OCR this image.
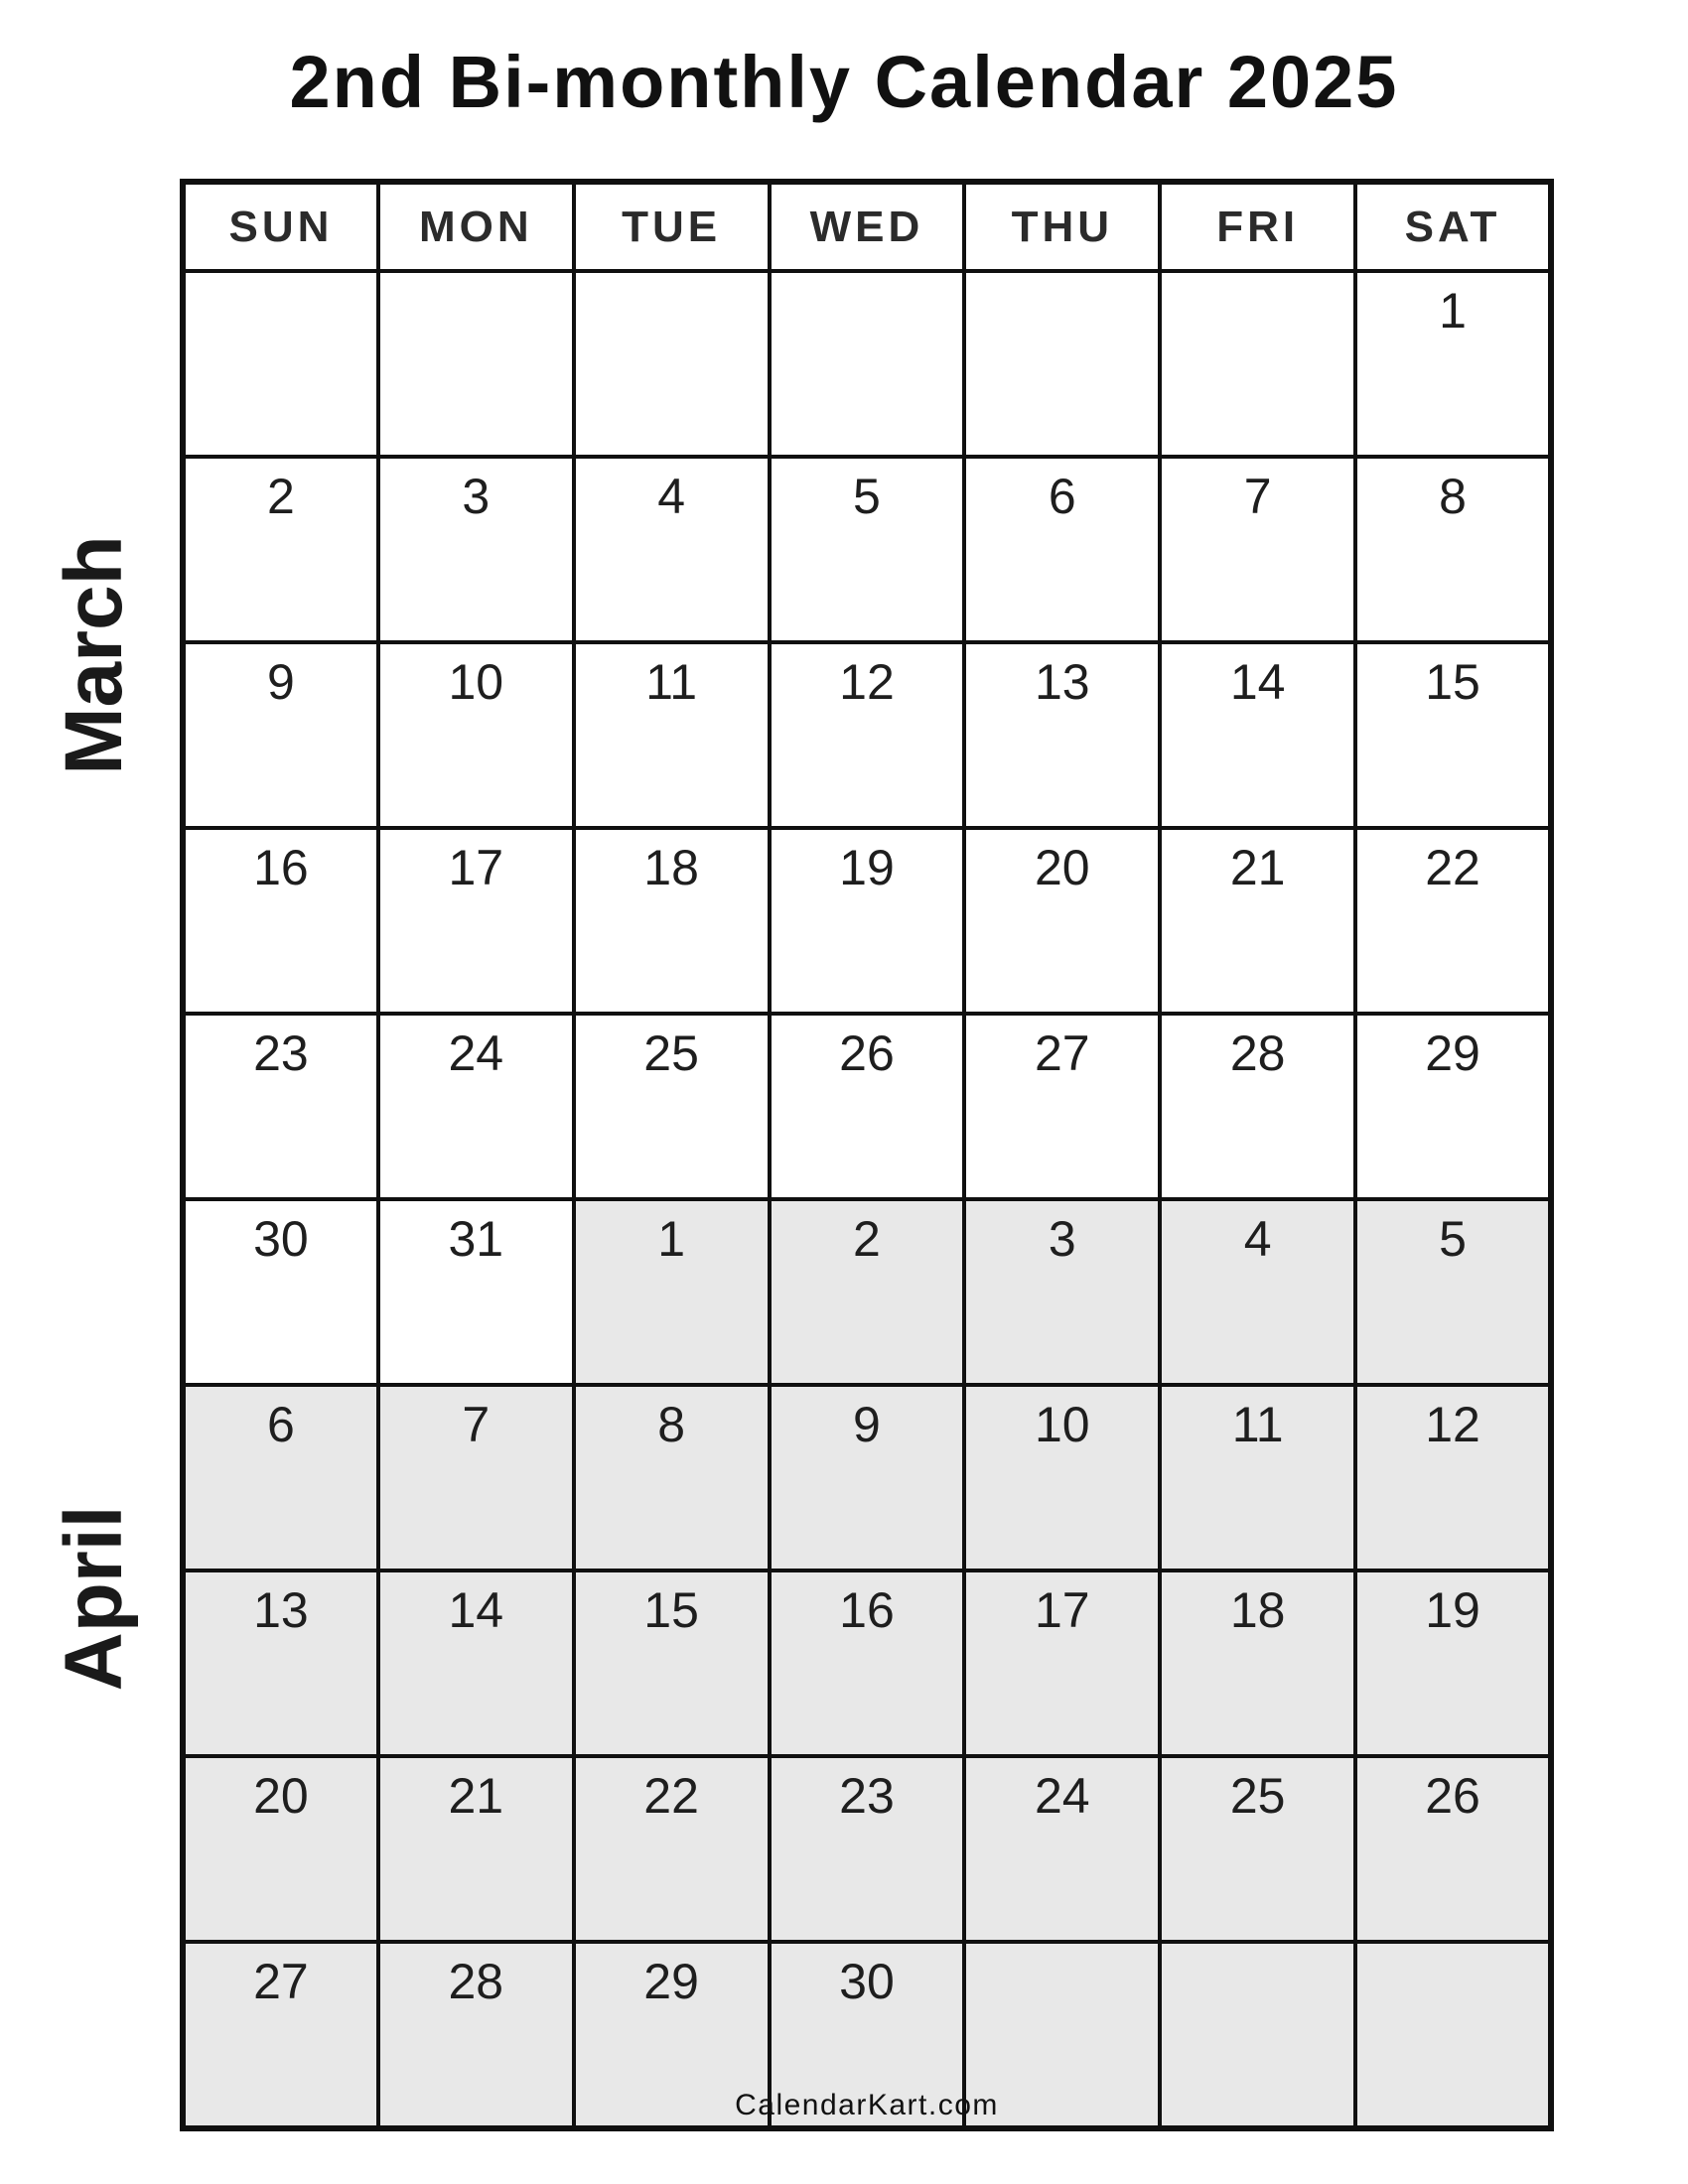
2nd Bi-monthly Calendar 2025
March
April
SUN	MON	TUE	WED	THU	FRI	SAT
						1
2	3	4	5	6	7	8
9	10	11	12	13	14	15
16	17	18	19	20	21	22
23	24	25	26	27	28	29
30	31	1	2	3	4	5
6	7	8	9	10	11	12
13	14	15	16	17	18	19
20	21	22	23	24	25	26
27	28	29	30			
CalendarKart.com
